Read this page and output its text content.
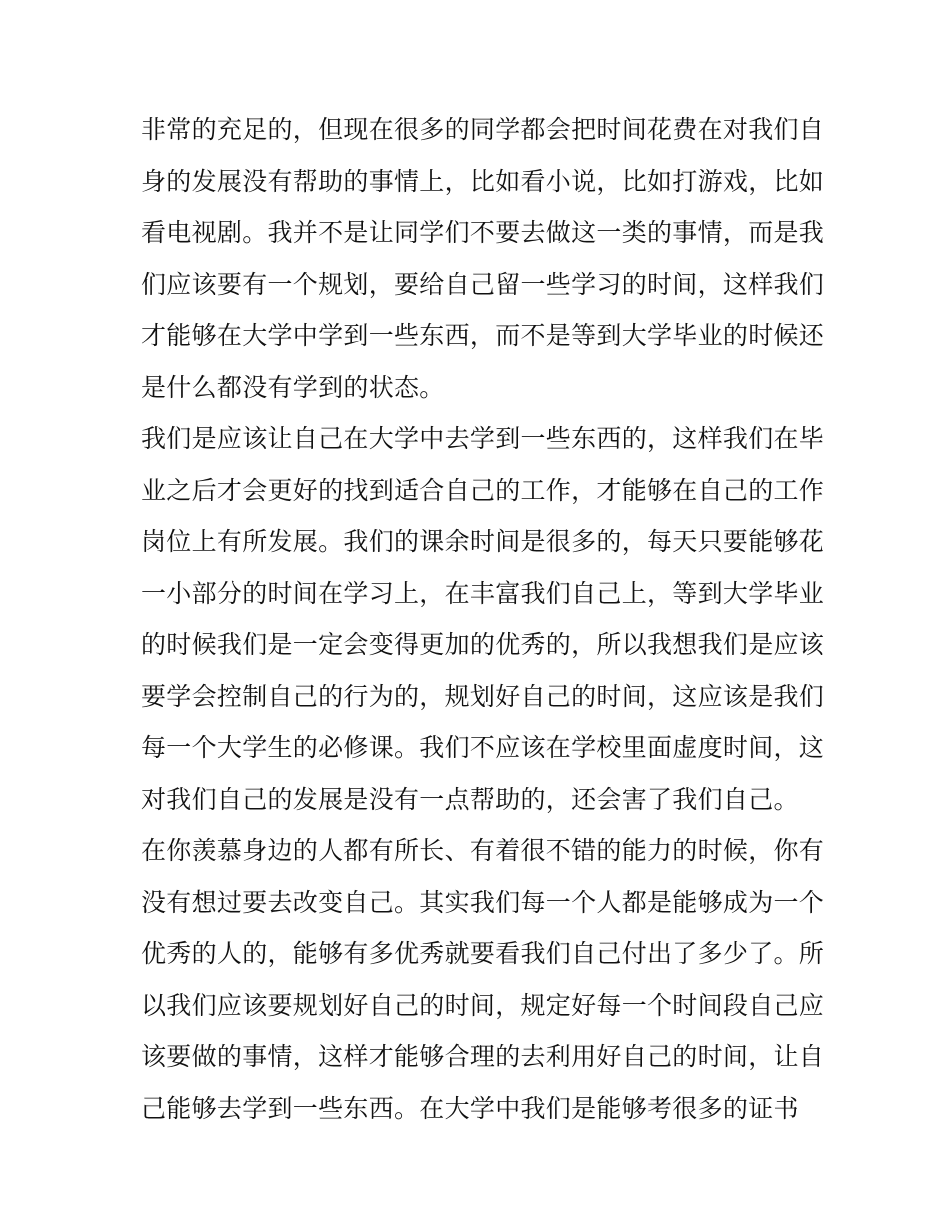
非常的充足的，但现在很多的同学都会把时间花费在对我们自
身的发展没有帮助的事情上，比如看小说，比如打游戏，比如
看电视剧。我并不是让同学们不要去做这一类的事情，而是我
们应该要有一个规划，要给自己留一些学习的时间，这样我们
才能够在大学中学到一些东西，而不是等到大学毕业的时候还
是什么都没有学到的状态。
我们是应该让自己在大学中去学到一些东西的，这样我们在毕
业之后才会更好的找到适合自己的工作，才能够在自己的工作
岗位上有所发展。我们的课余时间是很多的，每天只要能够花
一小部分的时间在学习上，在丰富我们自己上，等到大学毕业
的时候我们是一定会变得更加的优秀的，所以我想我们是应该
要学会控制自己的行为的，规划好自己的时间，这应该是我们
每一个大学生的必修课。我们不应该在学校里面虚度时间，这
对我们自己的发展是没有一点帮助的，还会害了我们自己。
在你羡慕身边的人都有所长、有着很不错的能力的时候，你有
没有想过要去改变自己。其实我们每一个人都是能够成为一个
优秀的人的，能够有多优秀就要看我们自己付出了多少了。所
以我们应该要规划好自己的时间，规定好每一个时间段自己应
该要做的事情，这样才能够合理的去利用好自己的时间，让自
己能够去学到一些东西。在大学中我们是能够考很多的证书
